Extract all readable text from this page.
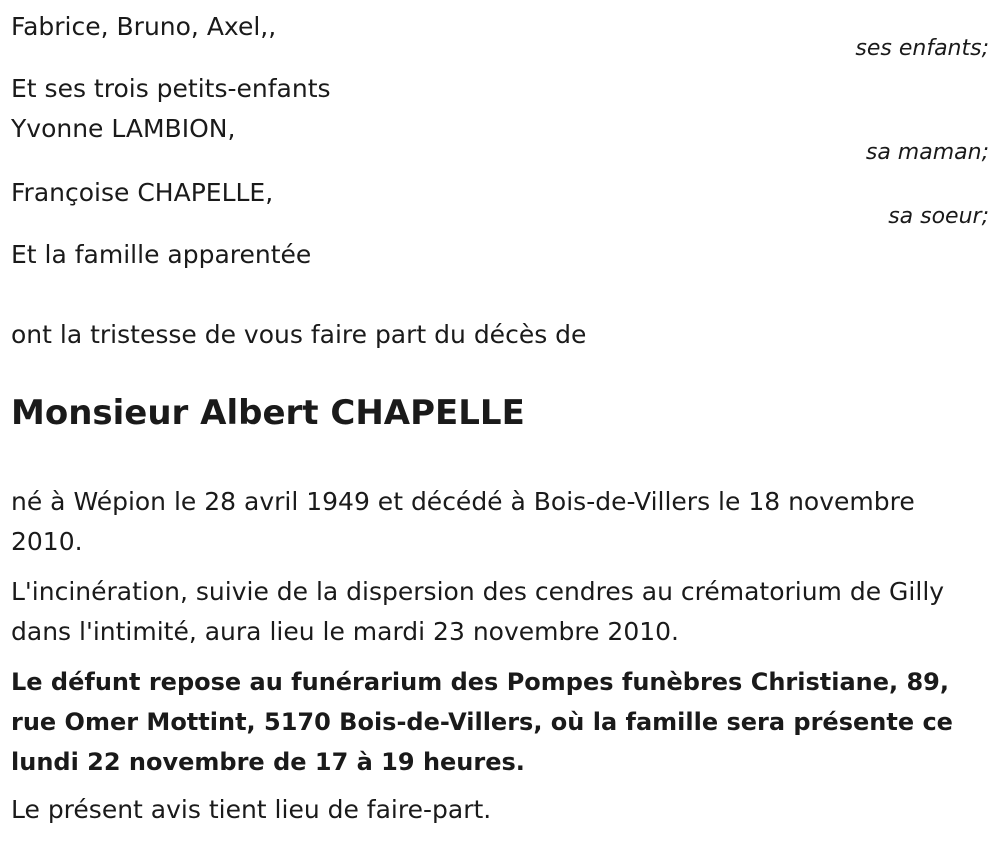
Fabrice, Bruno, Axel,,
ses enfants;
Et ses trois petits-enfants
Yvonne LAMBION,
sa maman;
Françoise CHAPELLE,
sa soeur;
Et la famille apparentée
ont la tristesse de vous faire part du décès de
Monsieur Albert CHAPELLE
né à Wépion le 28 avril 1949 et décédé à Bois-de-Villers le 18 novembre 2010.
L'incinération, suivie de la dispersion des cendres au crématorium de Gilly dans l'intimité, aura lieu le mardi 23 novembre 2010.
Le défunt repose au funérarium des Pompes funèbres Christiane, 89, rue Omer Mottint, 5170 Bois-de-Villers, où la famille sera présente ce lundi 22 novembre de 17 à 19 heures.
Le présent avis tient lieu de faire-part.
